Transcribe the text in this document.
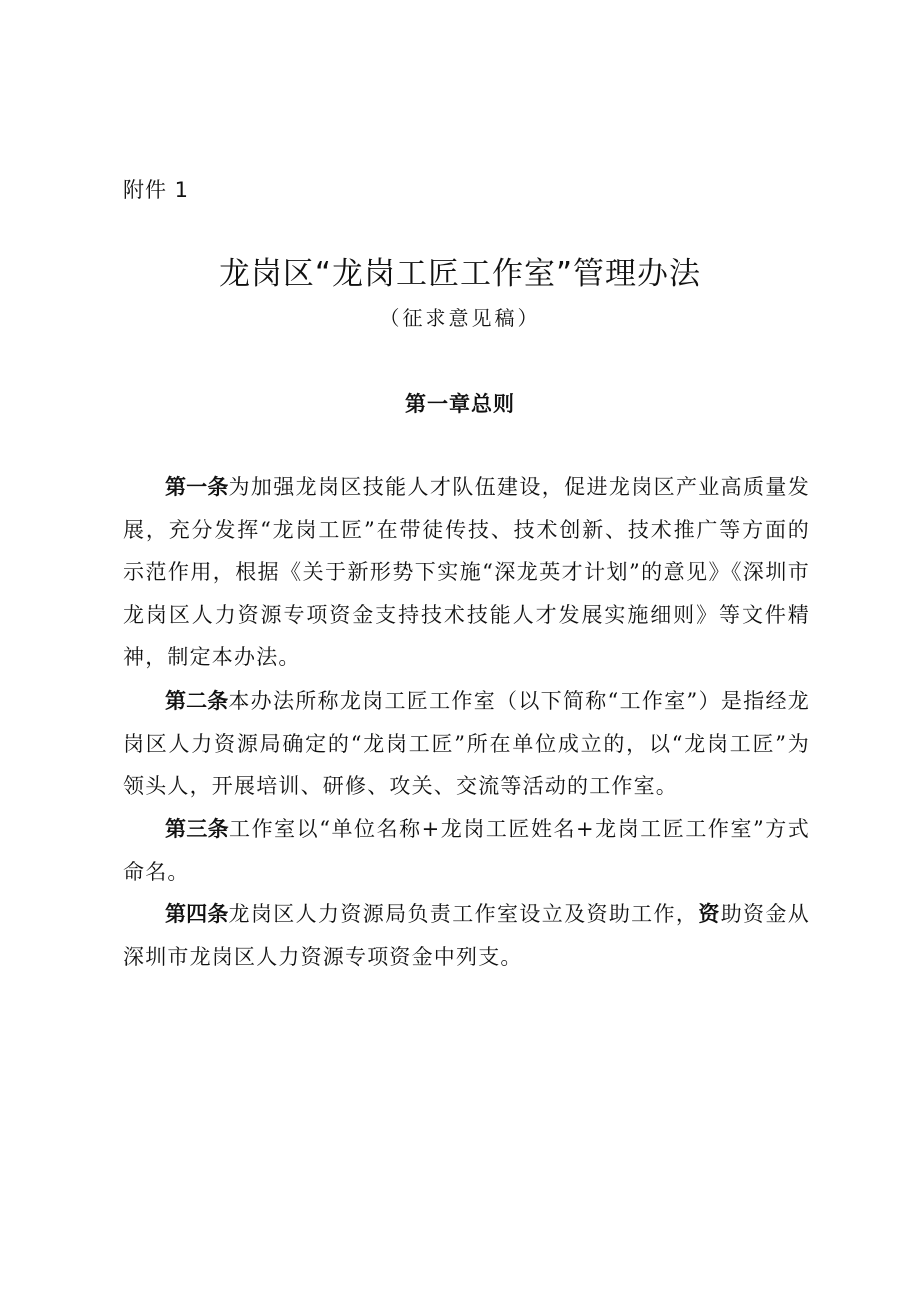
附件 1
龙岗区“龙岗工匠工作室”管理办法
（征求意见稿）
第一章总则

第一条为加强龙岗区技能人才队伍建设，促进龙岗区产业高质量发展，充分发挥“龙岗工匠”在带徒传技、技术创新、技术推广等方面的示范作用，根据《关于新形势下实施“深龙英才计划”的意见》《深圳市龙岗区人力资源专项资金支持技术技能人才发展实施细则》等文件精神，制定本办法。

第二条本办法所称龙岗工匠工作室（以下简称“工作室”）是指经龙岗区人力资源局确定的“龙岗工匠”所在单位成立的，以“龙岗工匠”为领头人，开展培训、研修、攻关、交流等活动的工作室。

第三条工作室以“单位名称+龙岗工匠姓名+龙岗工匠工作室”方式命名。

第四条龙岗区人力资源局负责工作室设立及资助工作，资助资金从深圳市龙岗区人力资源专项资金中列支。
